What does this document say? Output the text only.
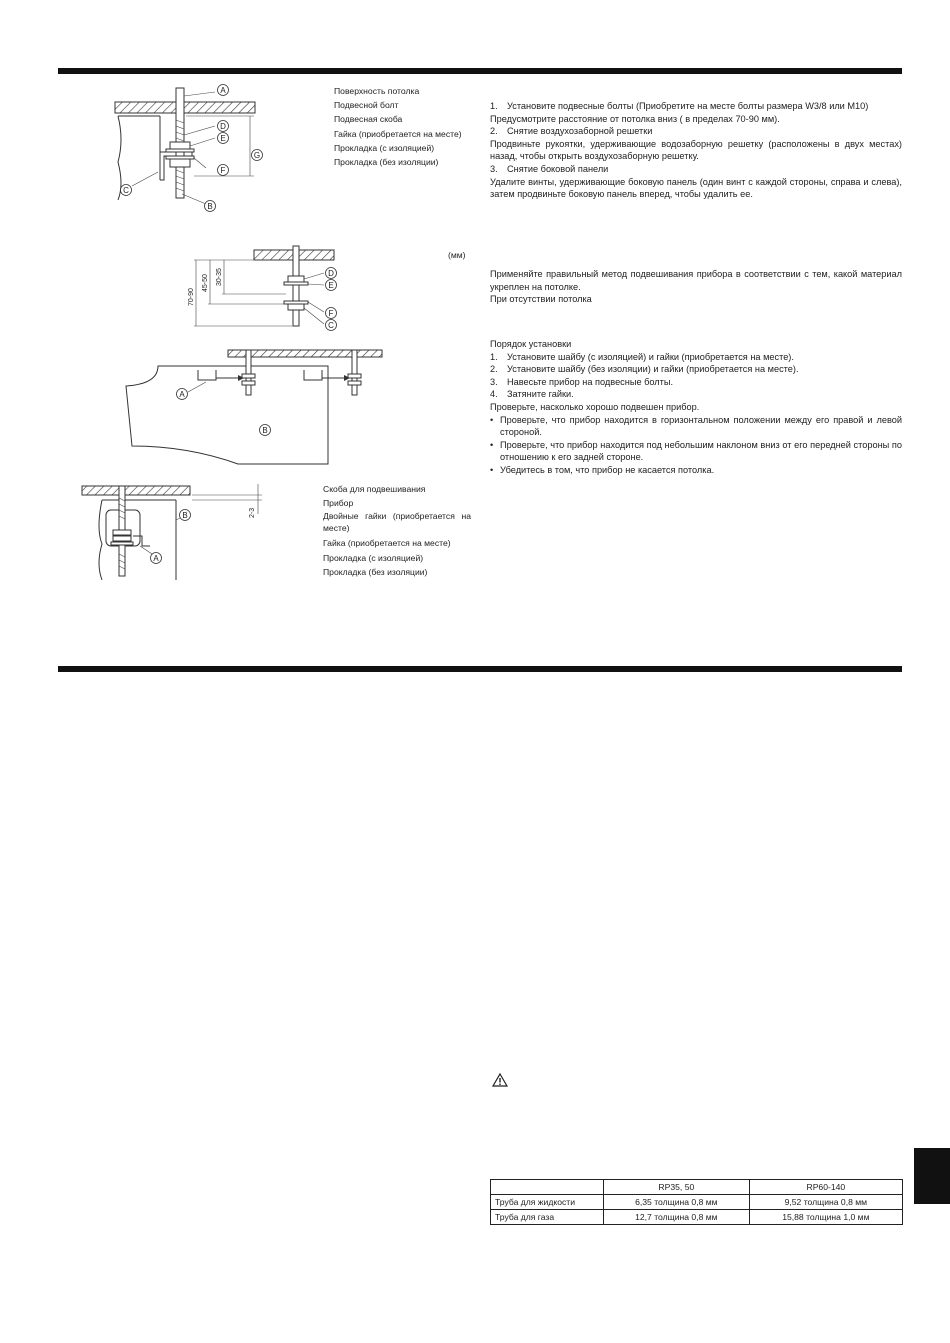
A
D
E
F
B
C
G
Поверхность потолка
Подвесной болт
Подвесная скоба
Гайка (приобретается на месте)
Прокладка (с изоляцией)
Прокладка (без изоляции)
70-90
45-50 30-35	D
E
F
C
(мм)
A
B
2-3
B
A
Скоба для подвешивания
Прибор
Двойные гайки (приобретается на месте)
Гайка (приобретается на месте)
Прокладка (с изоляцией)
Прокладка (без изоляции)
1.	Установите подвесные болты (Приобретите на месте болты размера W3/8 или M10)

Предусмотрите расстояние от потолка вниз ( в пределах 70-90 мм).

2.	Снятие воздухозаборной решетки

Продвиньте рукоятки, удерживающие водозаборную решетку (расположены в двух местах) назад, чтобы открыть воздухозаборную решетку.

3.	Снятие боковой панели

Удалите винты, удерживающие боковую панель (один винт с каждой стороны, справа и слева), затем продвиньте боковую панель вперед, чтобы удалить ее.

Применяйте правильный метод подвешивания прибора в соответствии с тем, какой материал укреплен на потолке.

При отсутствии потолка

Порядок установки

1.	Установите шайбу (с изоляцией) и гайки (приобретается на месте).
2.	Установите шайбу (без изоляции) и гайки (приобретается на месте).
3.	Навесьте прибор на подвесные болты.
4.	Затяните гайки.

Проверьте, насколько хорошо подвешен прибор.

• Проверьте, что прибор находится в горизонтальном положении между его правой и левой стороной.
• Проверьте, что прибор находится под небольшим наклоном вниз от его передней стороны по отношению к его задней стороне.
• Убедитесь в том, что прибор не касается потолка.
	RP35, 50	RP60-140
Труба для жидкости	6,35 толщина 0,8 мм	9,52 толщина 0,8 мм
Труба для газа	12,7 толщина 0,8 мм	15,88 толщина 1,0 мм
